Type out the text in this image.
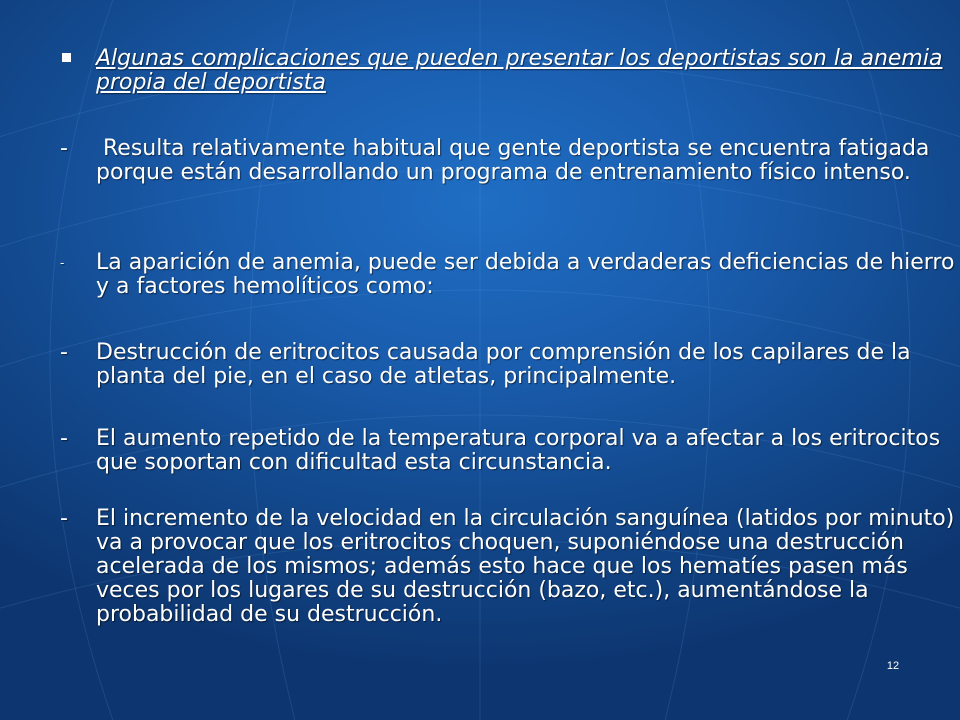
Algunas complicaciones que pueden presentar los deportistas son la anemia propia del deportista

- Resulta relativamente habitual que gente deportista se encuentra fatigada porque están desarrollando un programa de entrenamiento físico intenso.

- La aparición de anemia, puede ser debida a verdaderas deficiencias de hierro y a factores hemolíticos como:

- Destrucción de eritrocitos causada por comprensión de los capilares de la planta del pie, en el caso de atletas, principalmente.

- El aumento repetido de la temperatura corporal va a afectar a los eritrocitos que soportan con dificultad esta circunstancia.

- El incremento de la velocidad en la circulación sanguínea (latidos por minuto) va a provocar que los eritrocitos choquen, suponiéndose una destrucción acelerada de los mismos; además esto hace que los hematíes pasen más veces por los lugares de su destrucción (bazo, etc.), aumentándose la probabilidad de su destrucción.

12
